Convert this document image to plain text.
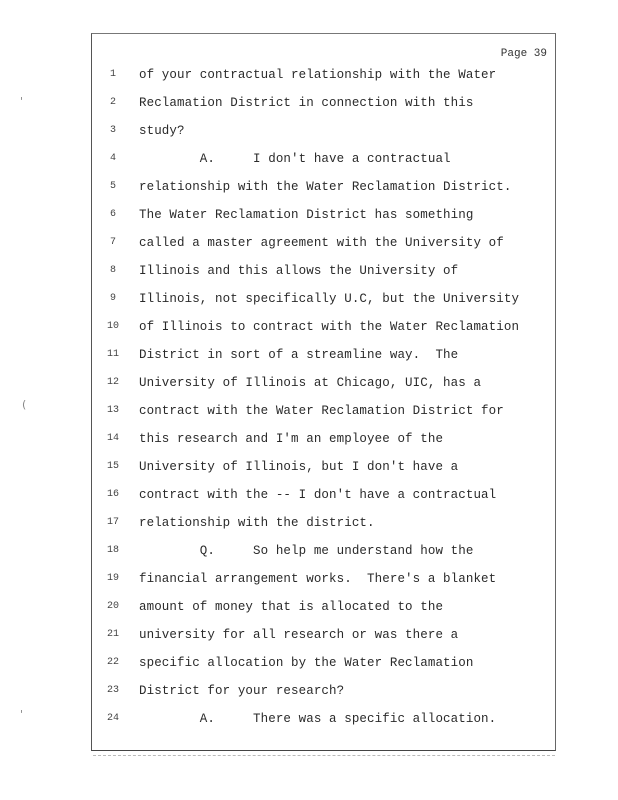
Page 39
1	of your contractual relationship with the Water
2	Reclamation District in connection with this
3	study?
4	A.     I don't have a contractual
5	relationship with the Water Reclamation District.
6	The Water Reclamation District has something
7	called a master agreement with the University of
8	Illinois and this allows the University of
9	Illinois, not specifically U.C, but the University
10 of Illinois to contract with the Water Reclamation
11 District in sort of a streamline way.  The
12 University of Illinois at Chicago, UIC, has a
13 contract with the Water Reclamation District for
14 this research and I'm an employee of the
15 University of Illinois, but I don't have a
16 contract with the -- I don't have a contractual
17 relationship with the district.
18 Q.     So help me understand how the
19 financial arrangement works.  There's a blanket
20 amount of money that is allocated to the
21 university for all research or was there a
22 specific allocation by the Water Reclamation
23 District for your research?
24 A.     There was a specific allocation.
'
(
'
